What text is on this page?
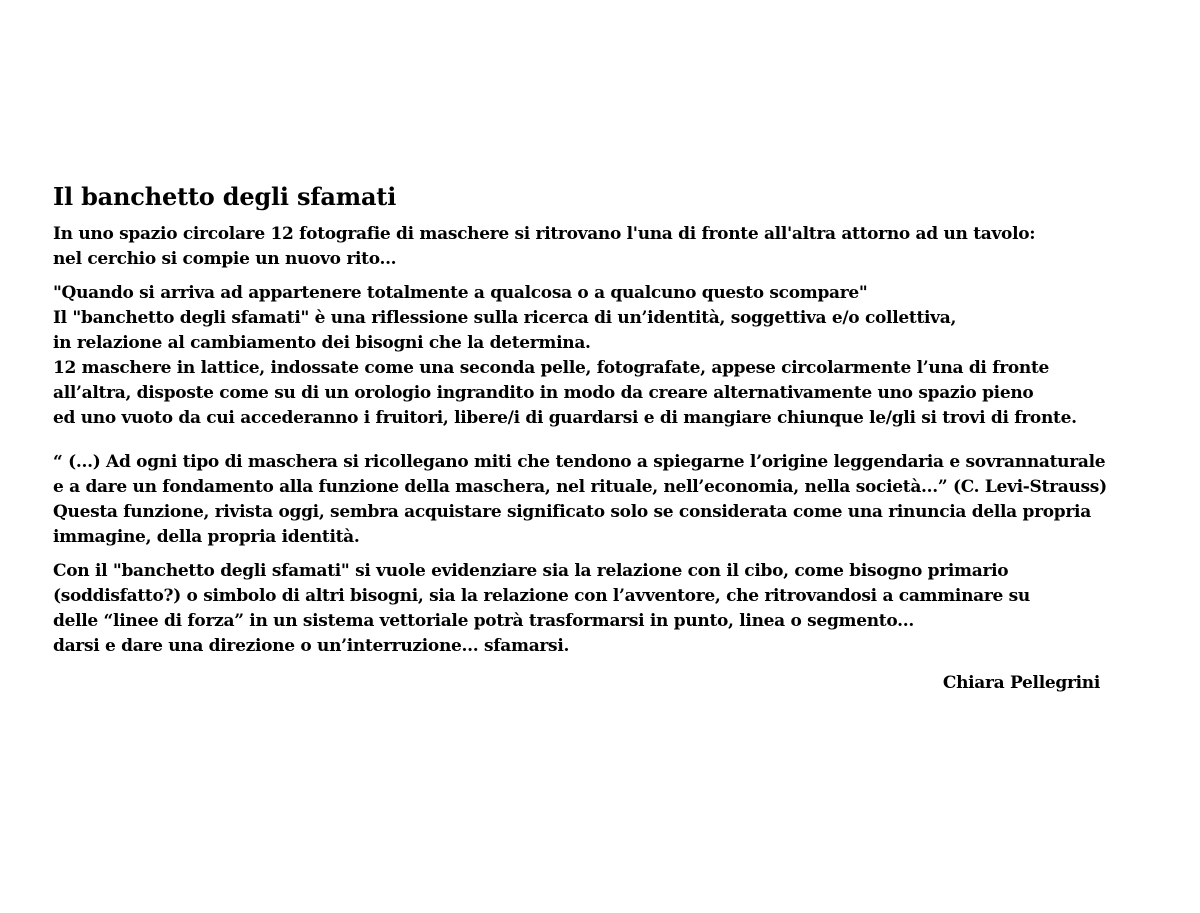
Il banchetto degli sfamati
In uno spazio circolare 12 fotografie di maschere si ritrovano l'una di fronte all'altra attorno ad un tavolo:
nel cerchio si compie un nuovo rito...
"Quando si arriva ad appartenere totalmente a qualcosa o a qualcuno questo scompare"
Il "banchetto degli sfamati" è una riflessione sulla ricerca di un’identità, soggettiva e/o collettiva,
in relazione al cambiamento dei bisogni che la determina.
12 maschere in lattice, indossate come una seconda pelle, fotografate, appese circolarmente l’una di fronte
all’altra, disposte come su di un orologio ingrandito in modo da creare alternativamente uno spazio pieno
ed uno vuoto da cui accederanno i fruitori, libere/i di guardarsi e di mangiare chiunque le/gli si trovi di fronte.
“ (...) Ad ogni tipo di maschera si ricollegano miti che tendono a spiegarne l’origine leggendaria e sovrannaturale
e a dare un fondamento alla funzione della maschera, nel rituale, nell’economia, nella società...” (C. Levi-Strauss)
Questa funzione, rivista oggi, sembra acquistare significato solo se considerata come una rinuncia della propria
immagine, della propria identità.
Con il "banchetto degli sfamati" si vuole evidenziare sia la relazione con il cibo, come bisogno primario
(soddisfatto?) o simbolo di altri bisogni, sia la relazione con l’avventore, che ritrovandosi a camminare su
delle “linee di forza” in un sistema vettoriale potrà trasformarsi in punto, linea o segmento...
darsi e dare una direzione o un’interruzione... sfamarsi.
Chiara Pellegrini
